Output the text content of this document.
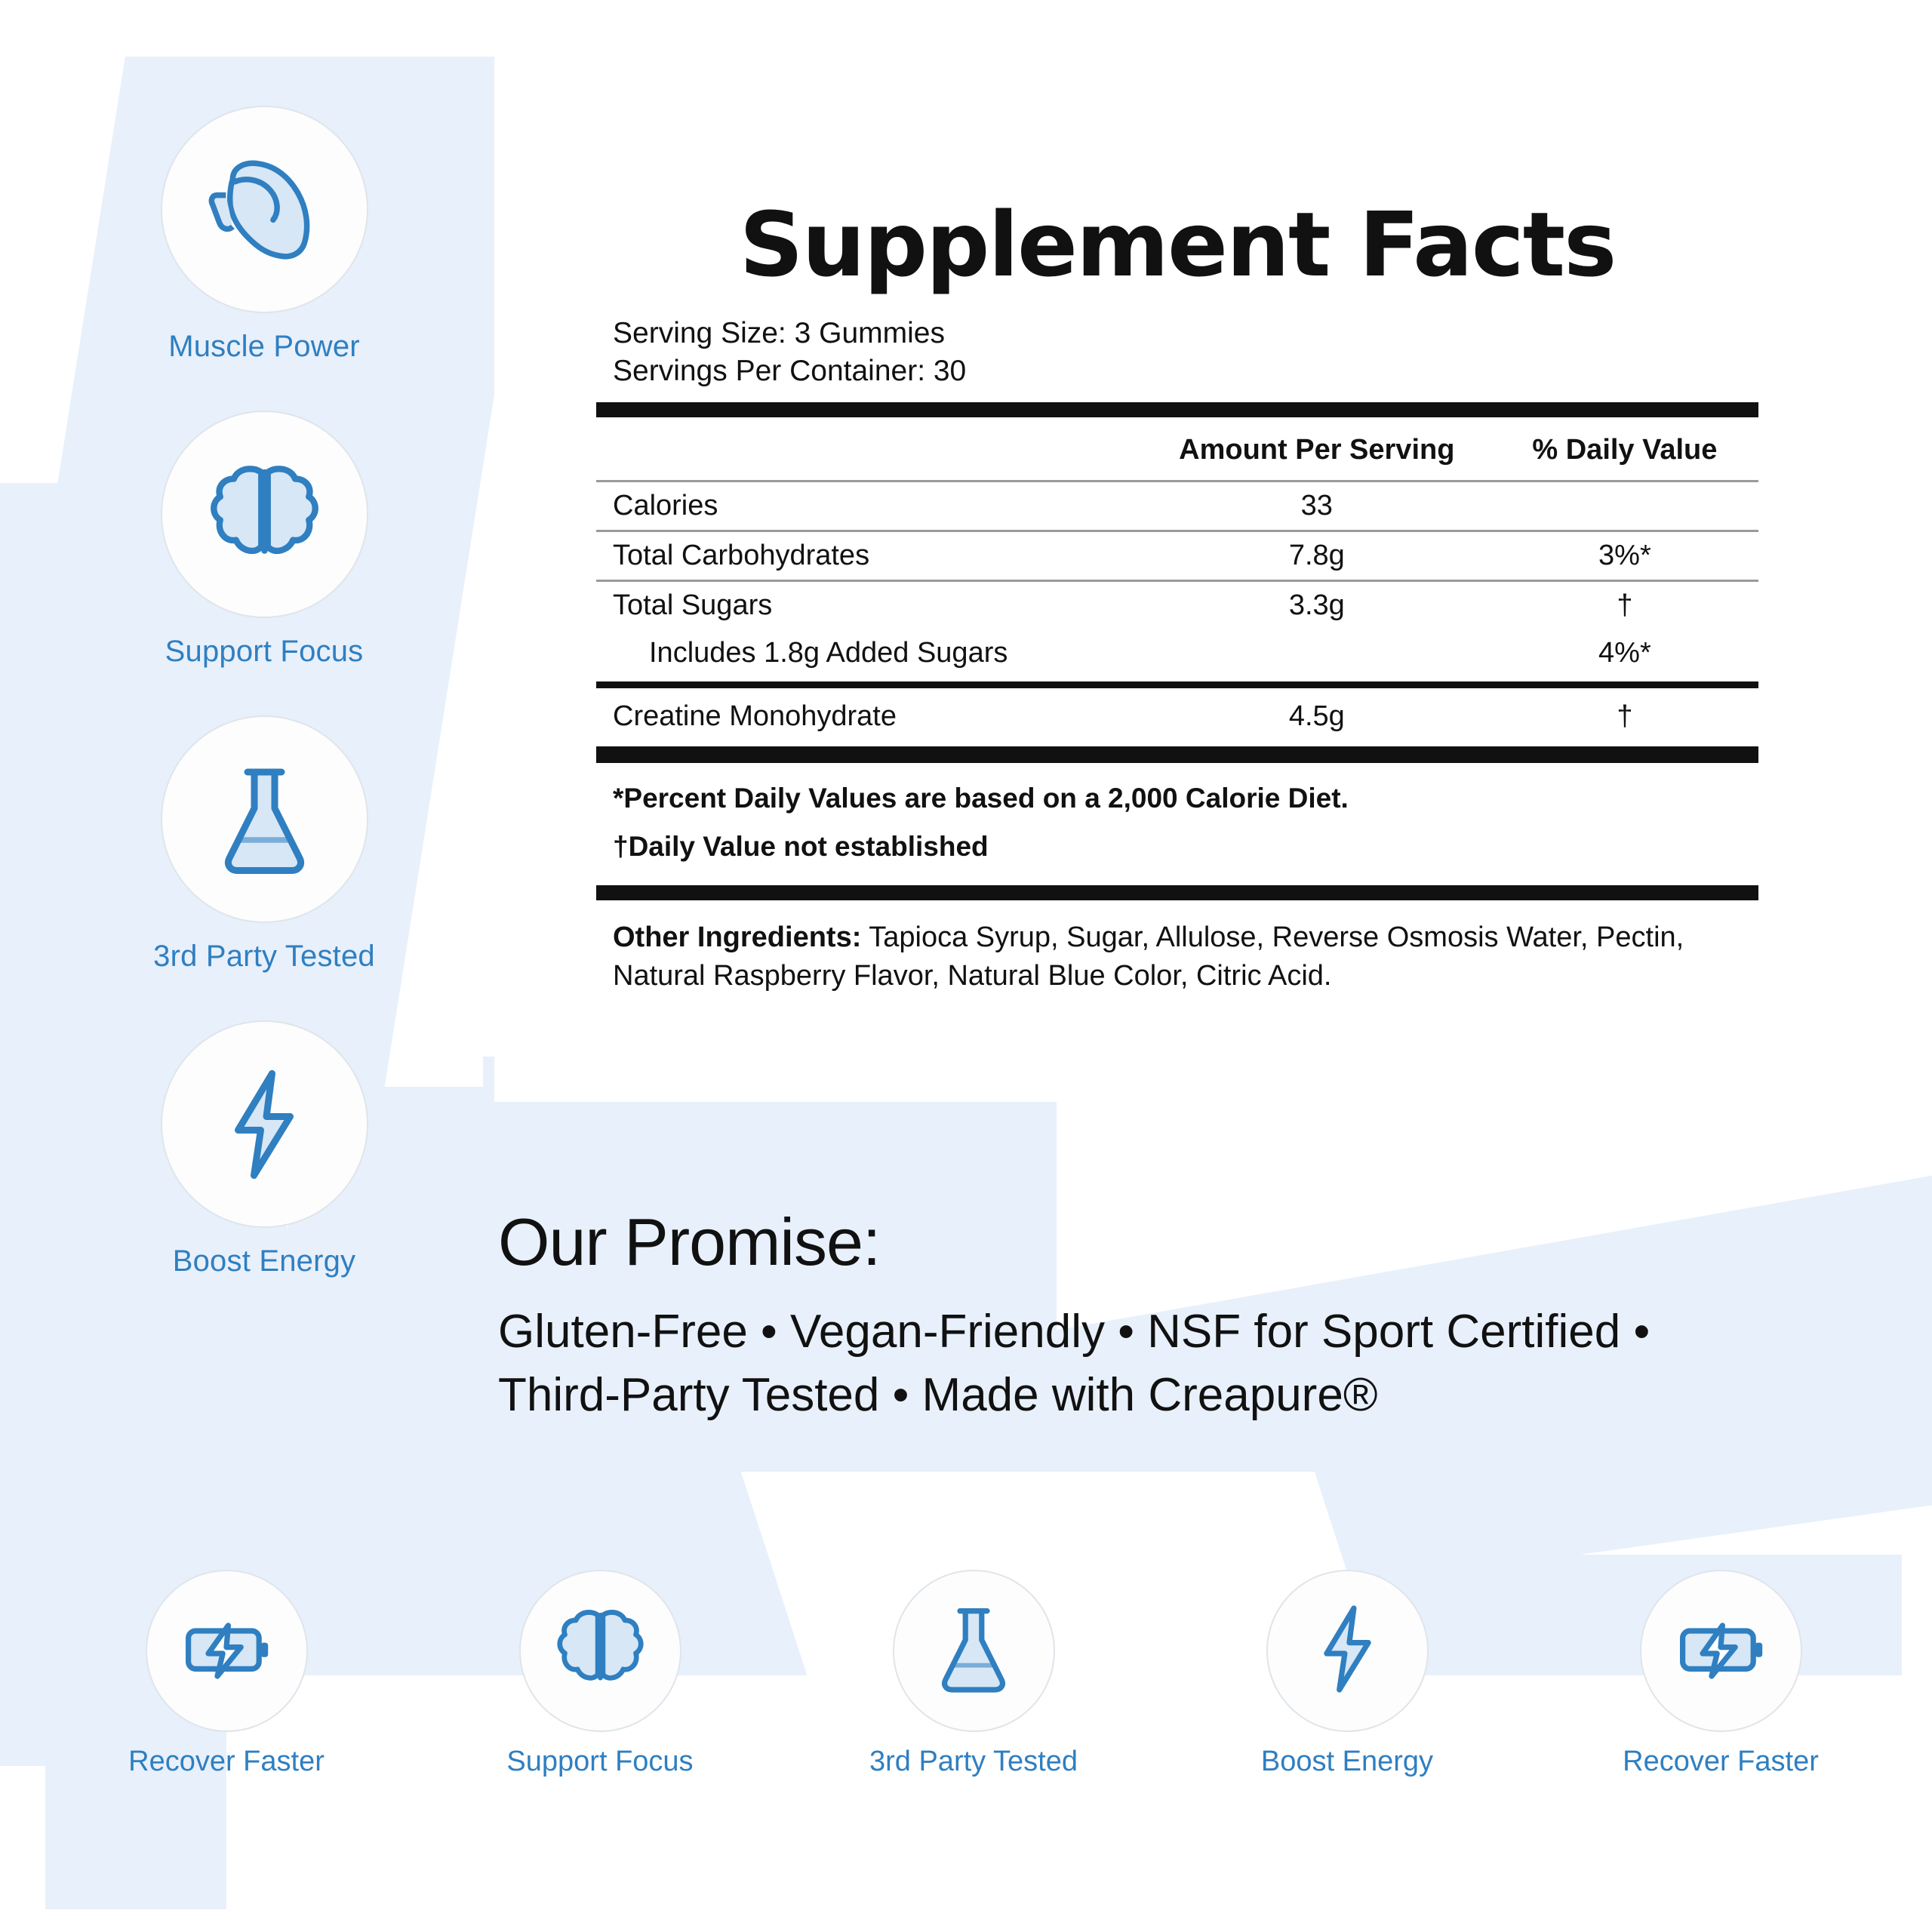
Muscle Power
Support Focus
3rd Party Tested
Boost Energy
Supplement Facts
Serving Size: 3 Gummies
Servings Per Container: 30
	Amount Per Serving	% Daily Value
Calories	33	
Total Carbohydrates	7.8g	3%*
Total Sugars	3.3g	†
Includes 1.8g Added Sugars		4%*
Creatine Monohydrate	4.5g	†
*Percent Daily Values are based on a 2,000 Calorie Diet.
†Daily Value not established
Other Ingredients: Tapioca Syrup, Sugar, Allulose, Reverse Osmosis Water, Pectin, Natural Raspberry Flavor, Natural Blue Color, Citric Acid.
Our Promise:
Gluten-Free • Vegan-Friendly • NSF for Sport Certified •
Third-Party Tested • Made with Creapure®
Recover Faster	Support Focus	3rd Party Tested	Boost Energy	Recover Faster
